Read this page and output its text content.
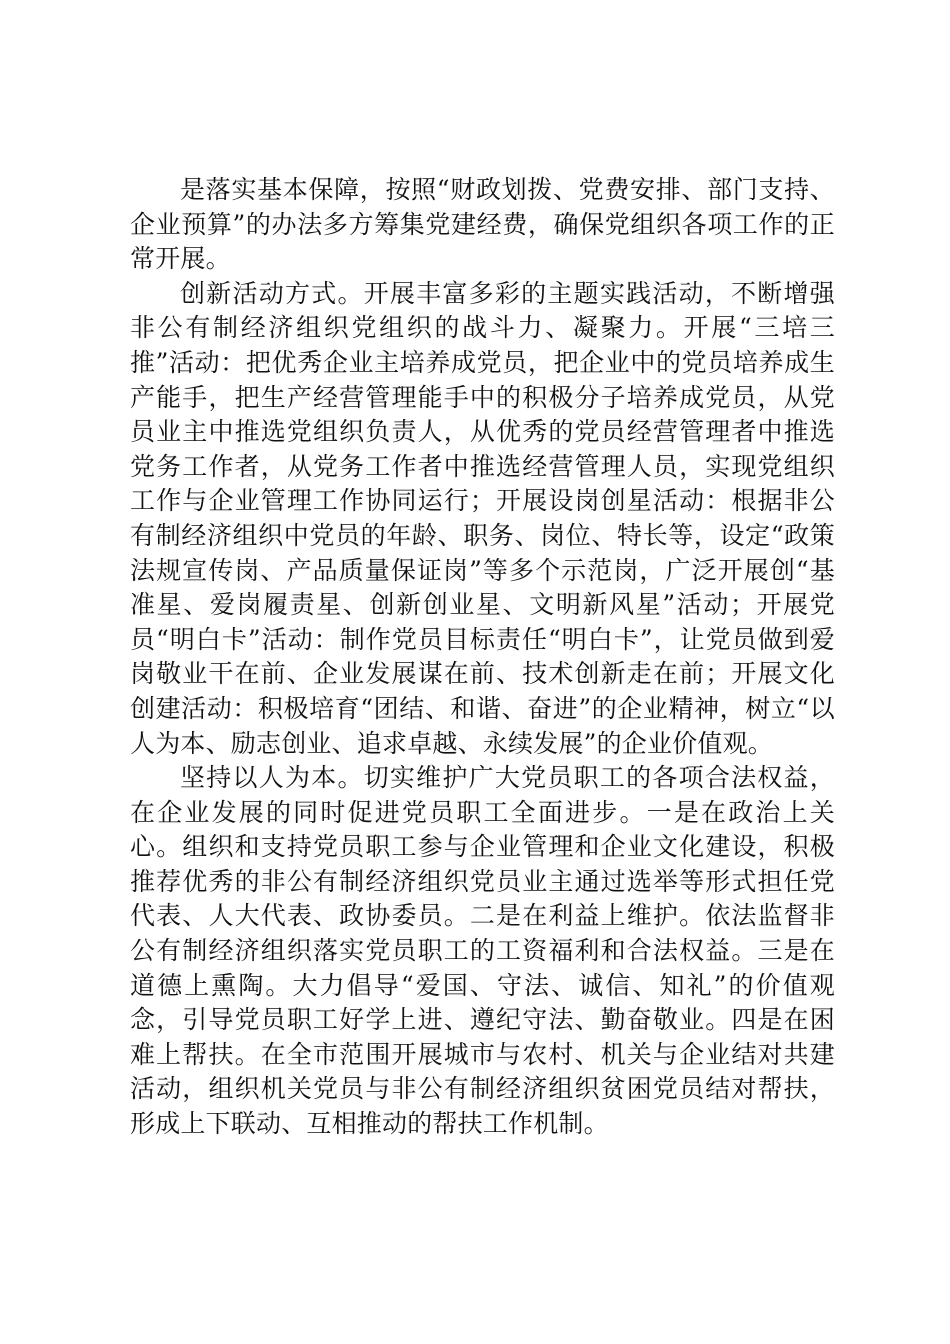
是落实基本保障，按照“财政划拨、党费安排、部门支持、企业预算”的办法多方筹集党建经费，确保党组织各项工作的正常开展。

创新活动方式。开展丰富多彩的主题实践活动，不断增强非公有制经济组织党组织的战斗力、凝聚力。开展“三培三推”活动：把优秀企业主培养成党员，把企业中的党员培养成生产能手，把生产经营管理能手中的积极分子培养成党员，从党员业主中推选党组织负责人，从优秀的党员经营管理者中推选党务工作者，从党务工作者中推选经营管理人员，实现党组织工作与企业管理工作协同运行；开展设岗创星活动：根据非公有制经济组织中党员的年龄、职务、岗位、特长等，设定“政策法规宣传岗、产品质量保证岗”等多个示范岗，广泛开展创“基准星、爱岗履责星、创新创业星、文明新风星”活动；开展党员“明白卡”活动：制作党员目标责任“明白卡”，让党员做到爱岗敬业干在前、企业发展谋在前、技术创新走在前；开展文化创建活动：积极培育“团结、和谐、奋进”的企业精神，树立“以人为本、励志创业、追求卓越、永续发展”的企业价值观。

坚持以人为本。切实维护广大党员职工的各项合法权益，在企业发展的同时促进党员职工全面进步。一是在政治上关心。组织和支持党员职工参与企业管理和企业文化建设，积极推荐优秀的非公有制经济组织党员业主通过选举等形式担任党代表、人大代表、政协委员。二是在利益上维护。依法监督非公有制经济组织落实党员职工的工资福利和合法权益。三是在道德上熏陶。大力倡导“爱国、守法、诚信、知礼”的价值观念，引导党员职工好学上进、遵纪守法、勤奋敬业。四是在困难上帮扶。在全市范围开展城市与农村、机关与企业结对共建活动，组织机关党员与非公有制经济组织贫困党员结对帮扶，形成上下联动、互相推动的帮扶工作机制。
